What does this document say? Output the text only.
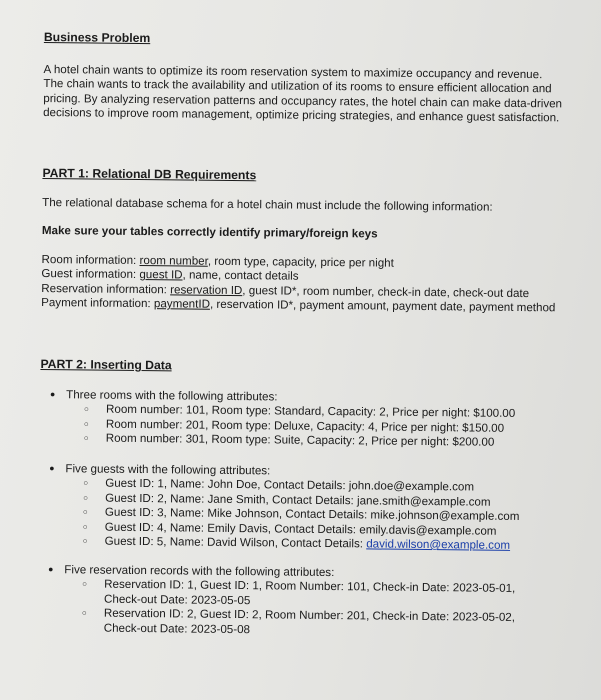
Business Problem

A hotel chain wants to optimize its room reservation system to maximize occupancy and revenue. The chain wants to track the availability and utilization of its rooms to ensure efficient allocation and pricing. By analyzing reservation patterns and occupancy rates, the hotel chain can make data-driven decisions to improve room management, optimize pricing strategies, and enhance guest satisfaction.

PART 1: Relational DB Requirements

The relational database schema for a hotel chain must include the following information:

Make sure your tables correctly identify primary/foreign keys

Room information: room number, room type, capacity, price per night

Guest information: guest ID, name, contact details

Reservation information: reservation ID, guest ID*, room number, check-in date, check-out date

Payment information: paymentID, reservation ID*, payment amount, payment date, payment method

PART 2: Inserting Data

• Three rooms with the following attributes:
○ Room number: 101, Room type: Standard, Capacity: 2, Price per night: $100.00
○ Room number: 201, Room type: Deluxe, Capacity: 4, Price per night: $150.00
○ Room number: 301, Room type: Suite, Capacity: 2, Price per night: $200.00
• Five guests with the following attributes:
○ Guest ID: 1, Name: John Doe, Contact Details: john.doe@example.com
○ Guest ID: 2, Name: Jane Smith, Contact Details: jane.smith@example.com
○ Guest ID: 3, Name: Mike Johnson, Contact Details: mike.johnson@example.com
○ Guest ID: 4, Name: Emily Davis, Contact Details: emily.davis@example.com
○ Guest ID: 5, Name: David Wilson, Contact Details: david.wilson@example.com
• Five reservation records with the following attributes:
○ Reservation ID: 1, Guest ID: 1, Room Number: 101, Check-in Date: 2023-05-01, Check-out Date: 2023-05-05
○ Reservation ID: 2, Guest ID: 2, Room Number: 201, Check-in Date: 2023-05-02, Check-out Date: 2023-05-08
